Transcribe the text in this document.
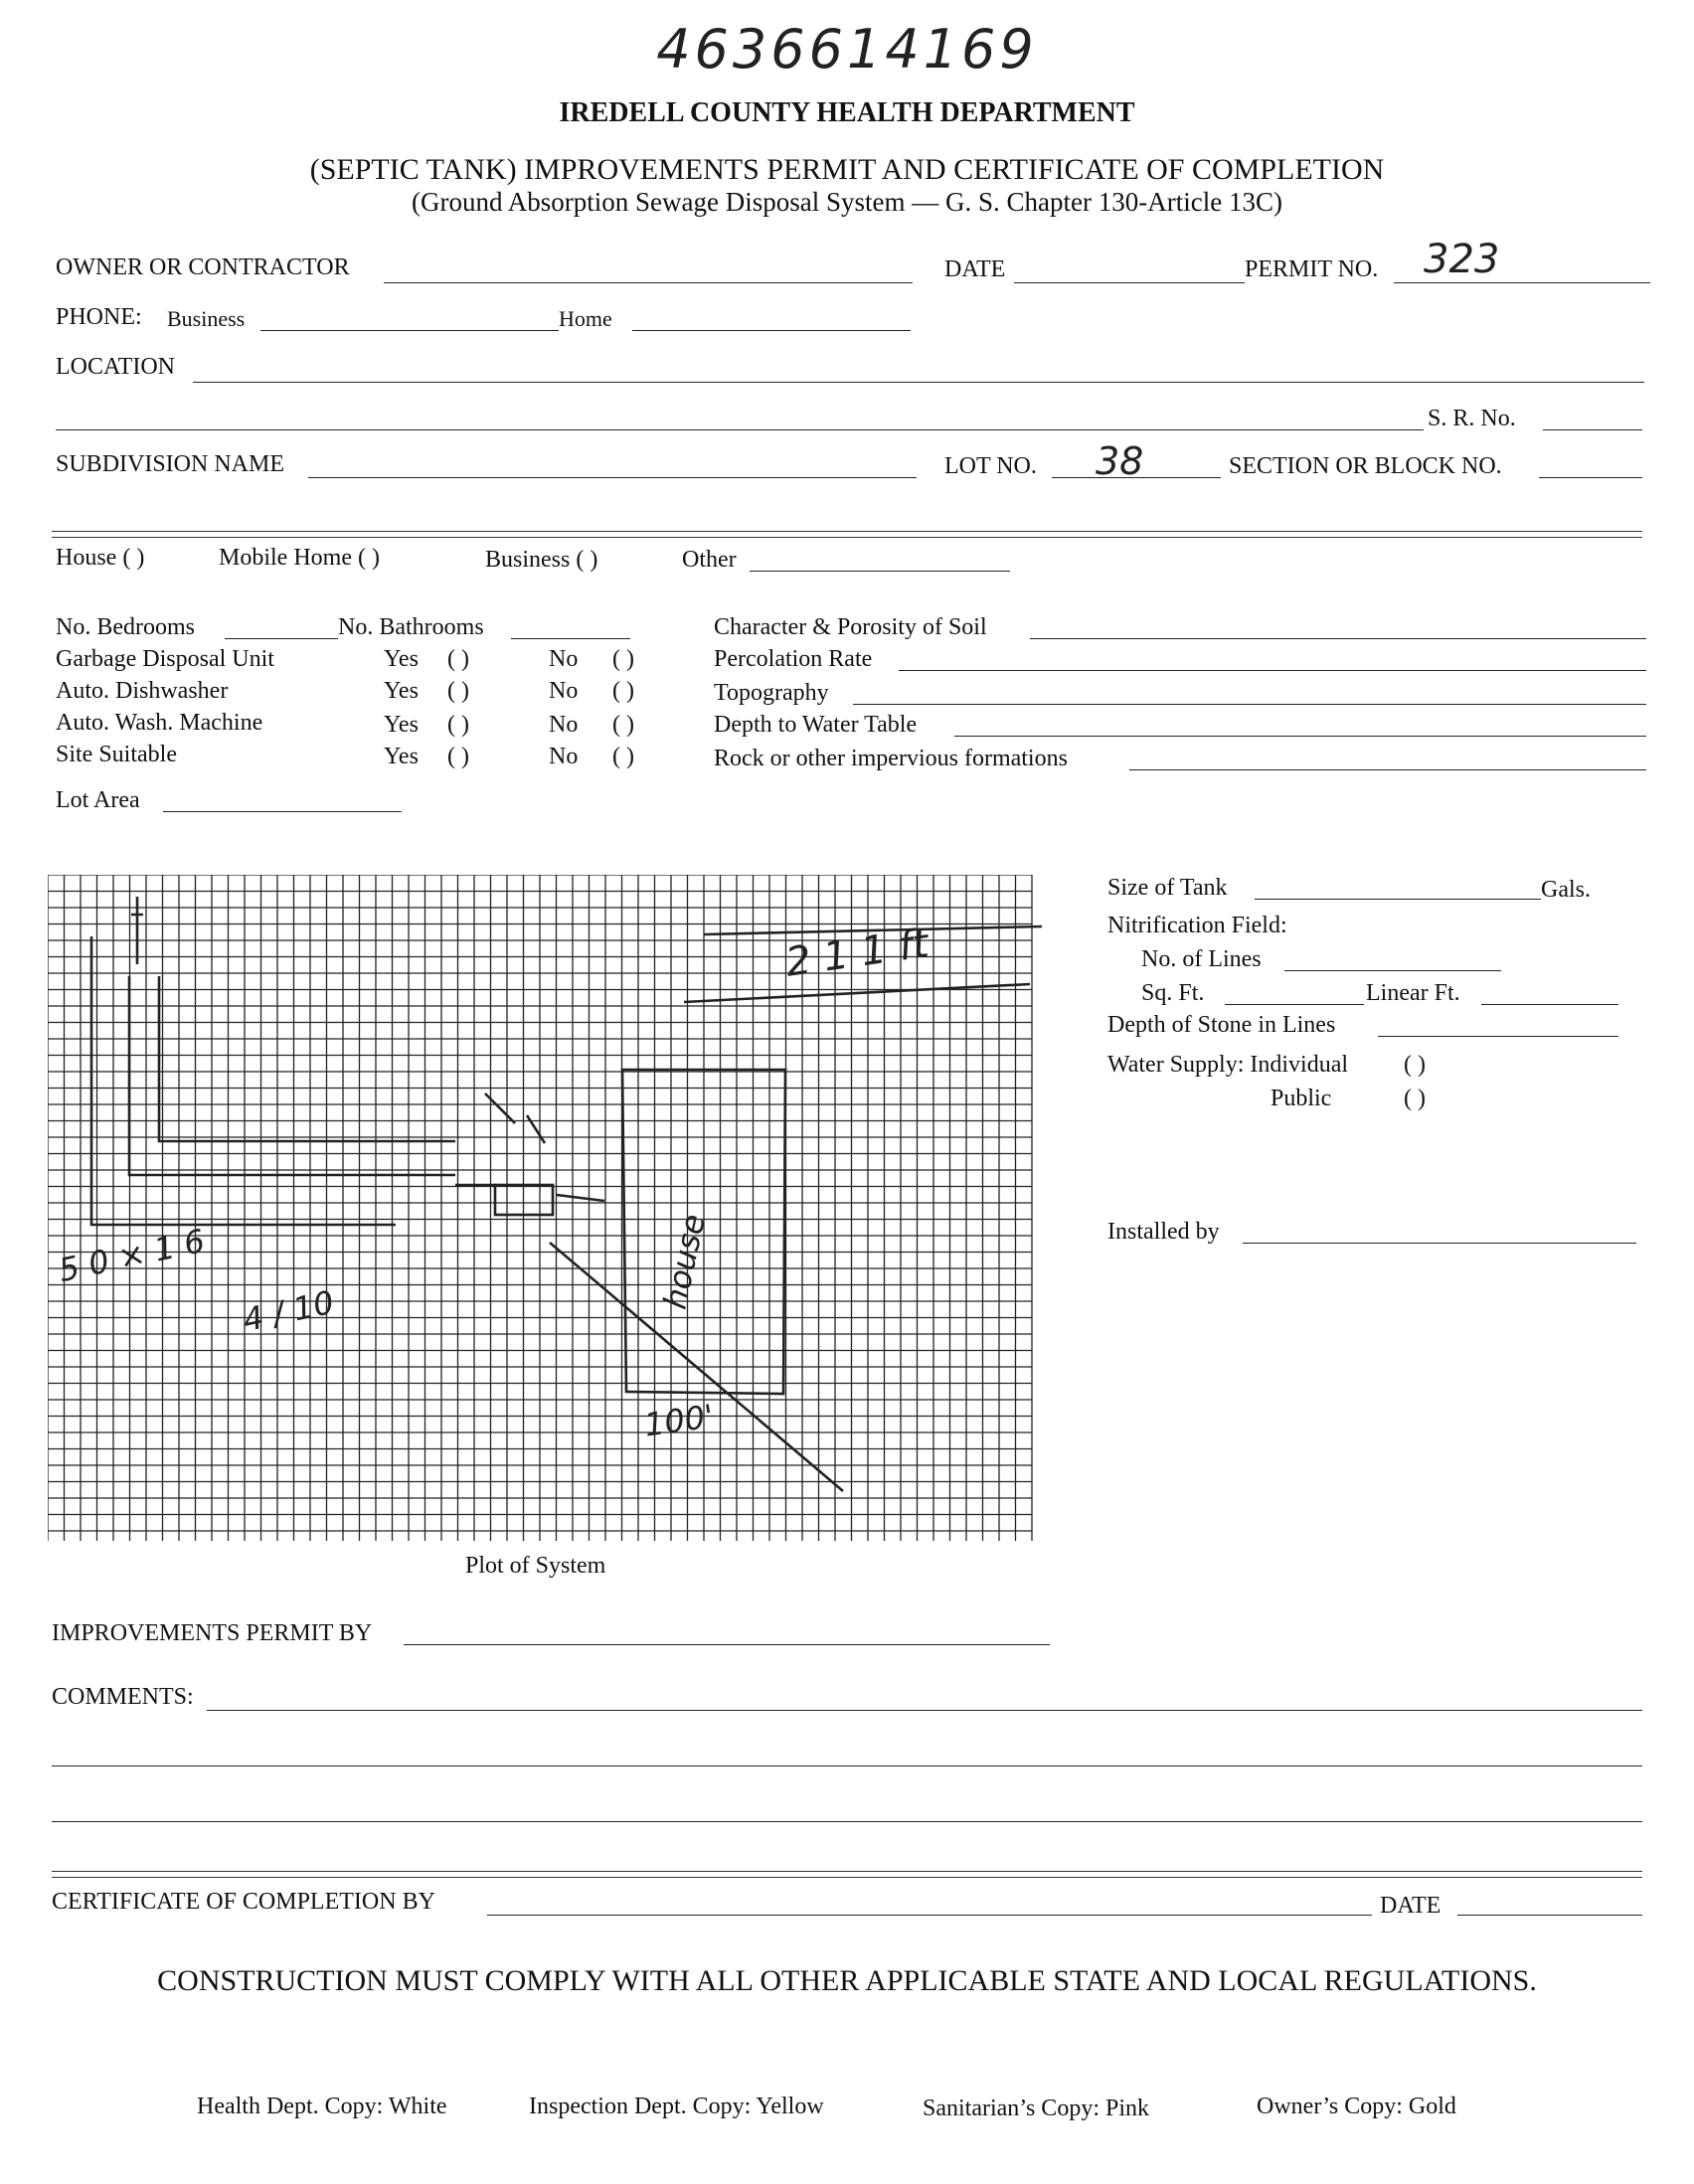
4636614169
IREDELL COUNTY HEALTH DEPARTMENT
(SEPTIC TANK) IMPROVEMENTS PERMIT AND CERTIFICATE OF COMPLETION
(Ground Absorption Sewage Disposal System — G. S. Chapter 130-Article 13C)
OWNER OR CONTRACTOR	DATE	PERMIT NO. 323
PHONE: Business	Home
LOCATION
S. R. No.
SUBDIVISION NAME	LOT NO. 38	SECTION OR BLOCK NO.
House ( )	Mobile Home ( )	Business ( )	Other
No. Bedrooms	No. Bathrooms
Garbage Disposal Unit	Yes ( )	No ( )
Auto. Dishwasher	Yes ( )	No ( )
Auto. Wash. Machine	Yes ( )	No ( )
Site Suitable	Yes ( )	No ( )
Lot Area
Character & Porosity of Soil
Percolation Rate
Topography
Depth to Water Table
Rock or other impervious formations
2 1 1 ft
5 0 × 1 6
4 / 10	house
100'
Plot of System
Size of Tank	Gals.
Nitrification Field:
No. of Lines
Sq. Ft.	Linear Ft.
Depth of Stone in Lines
Water Supply: Individual ( )
Public	( )
Installed by
IMPROVEMENTS PERMIT BY
COMMENTS:
CERTIFICATE OF COMPLETION BY	DATE
CONSTRUCTION MUST COMPLY WITH ALL OTHER APPLICABLE STATE AND LOCAL REGULATIONS.
Health Dept. Copy: White	Inspection Dept. Copy: Yellow	Sanitarian’s Copy: Pink	Owner’s Copy: Gold
